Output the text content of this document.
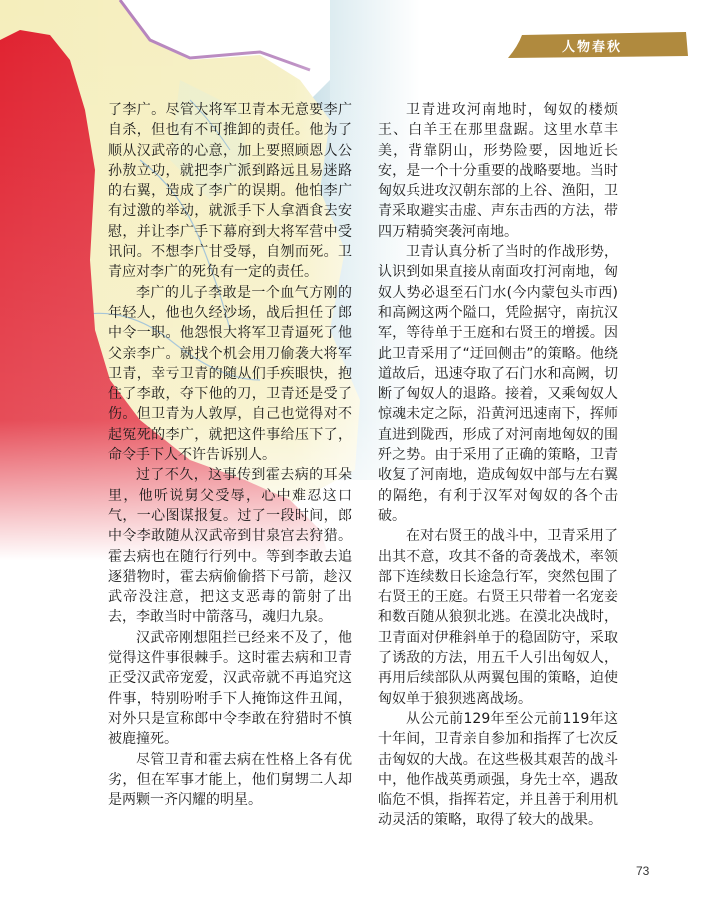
人物春秋

了李广。尽管大将军卫青本无意要李广自杀，但也有不可推卸的责任。他为了顺从汉武帝的心意，加上要照顾恩人公孙敖立功，就把李广派到路远且易迷路的右翼，造成了李广的误期。他怕李广有过激的举动，就派手下人拿酒食去安慰，并让李广手下幕府到大将军营中受讯问。不想李广甘受辱，自刎而死。卫青应对李广的死负有一定的责任。

李广的儿子李敢是一个血气方刚的年轻人，他也久经沙场，战后担任了郎中令一职。他怨恨大将军卫青逼死了他父亲李广。就找个机会用刀偷袭大将军卫青，幸亏卫青的随从们手疾眼快，抱住了李敢，夺下他的刀，卫青还是受了伤。但卫青为人敦厚，自己也觉得对不起冤死的李广，就把这件事给压下了，命令手下人不许告诉别人。

过了不久，这事传到霍去病的耳朵里，他听说舅父受辱，心中难忍这口气，一心图谋报复。过了一段时间，郎中令李敢随从汉武帝到甘泉宫去狩猎。霍去病也在随行行列中。等到李敢去追逐猎物时，霍去病偷偷搭下弓箭，趁汉武帝没注意，把这支恶毒的箭射了出去，李敢当时中箭落马，魂归九泉。

汉武帝刚想阻拦已经来不及了，他觉得这件事很棘手。这时霍去病和卫青正受汉武帝宠爱，汉武帝就不再追究这件事，特别吩咐手下人掩饰这件丑闻，对外只是宣称郎中令李敢在狩猎时不慎被鹿撞死。

尽管卫青和霍去病在性格上各有优劣，但在军事才能上，他们舅甥二人却是两颗一齐闪耀的明星。

卫青进攻河南地时，匈奴的楼烦王、白羊王在那里盘踞。这里水草丰美，背靠阴山，形势险要，因地近长安，是一个十分重要的战略要地。当时匈奴兵进攻汉朝东部的上谷、渔阳，卫青采取避实击虚、声东击西的方法，带四万精骑突袭河南地。

卫青认真分析了当时的作战形势，认识到如果直接从南面攻打河南地，匈奴人势必退至石门水(今内蒙包头市西)和高阙这两个隘口，凭险据守，南抗汉军，等待单于王庭和右贤王的增援。因此卫青采用了“迂回侧击”的策略。他绕道故后，迅速夺取了石门水和高阙，切断了匈奴人的退路。接着，又乘匈奴人惊魂未定之际，沿黄河迅速南下，挥师直进到陇西，形成了对河南地匈奴的围歼之势。由于采用了正确的策略，卫青收复了河南地，造成匈奴中部与左右翼的隔绝，有利于汉军对匈奴的各个击破。

在对右贤王的战斗中，卫青采用了出其不意，攻其不备的奇袭战术，率领部下连续数日长途急行军，突然包围了右贤王的王庭。右贤王只带着一名宠妾和数百随从狼狈北逃。在漠北决战时，卫青面对伊稚斜单于的稳固防守，采取了诱敌的方法，用五千人引出匈奴人，再用后续部队从两翼包围的策略，迫使匈奴单于狼狈逃离战场。

从公元前129年至公元前119年这十年间，卫青亲自参加和指挥了七次反击匈奴的大战。在这些极其艰苦的战斗中，他作战英勇顽强，身先士卒，遇敌临危不惧，指挥若定，并且善于利用机动灵活的策略，取得了较大的战果。

73
